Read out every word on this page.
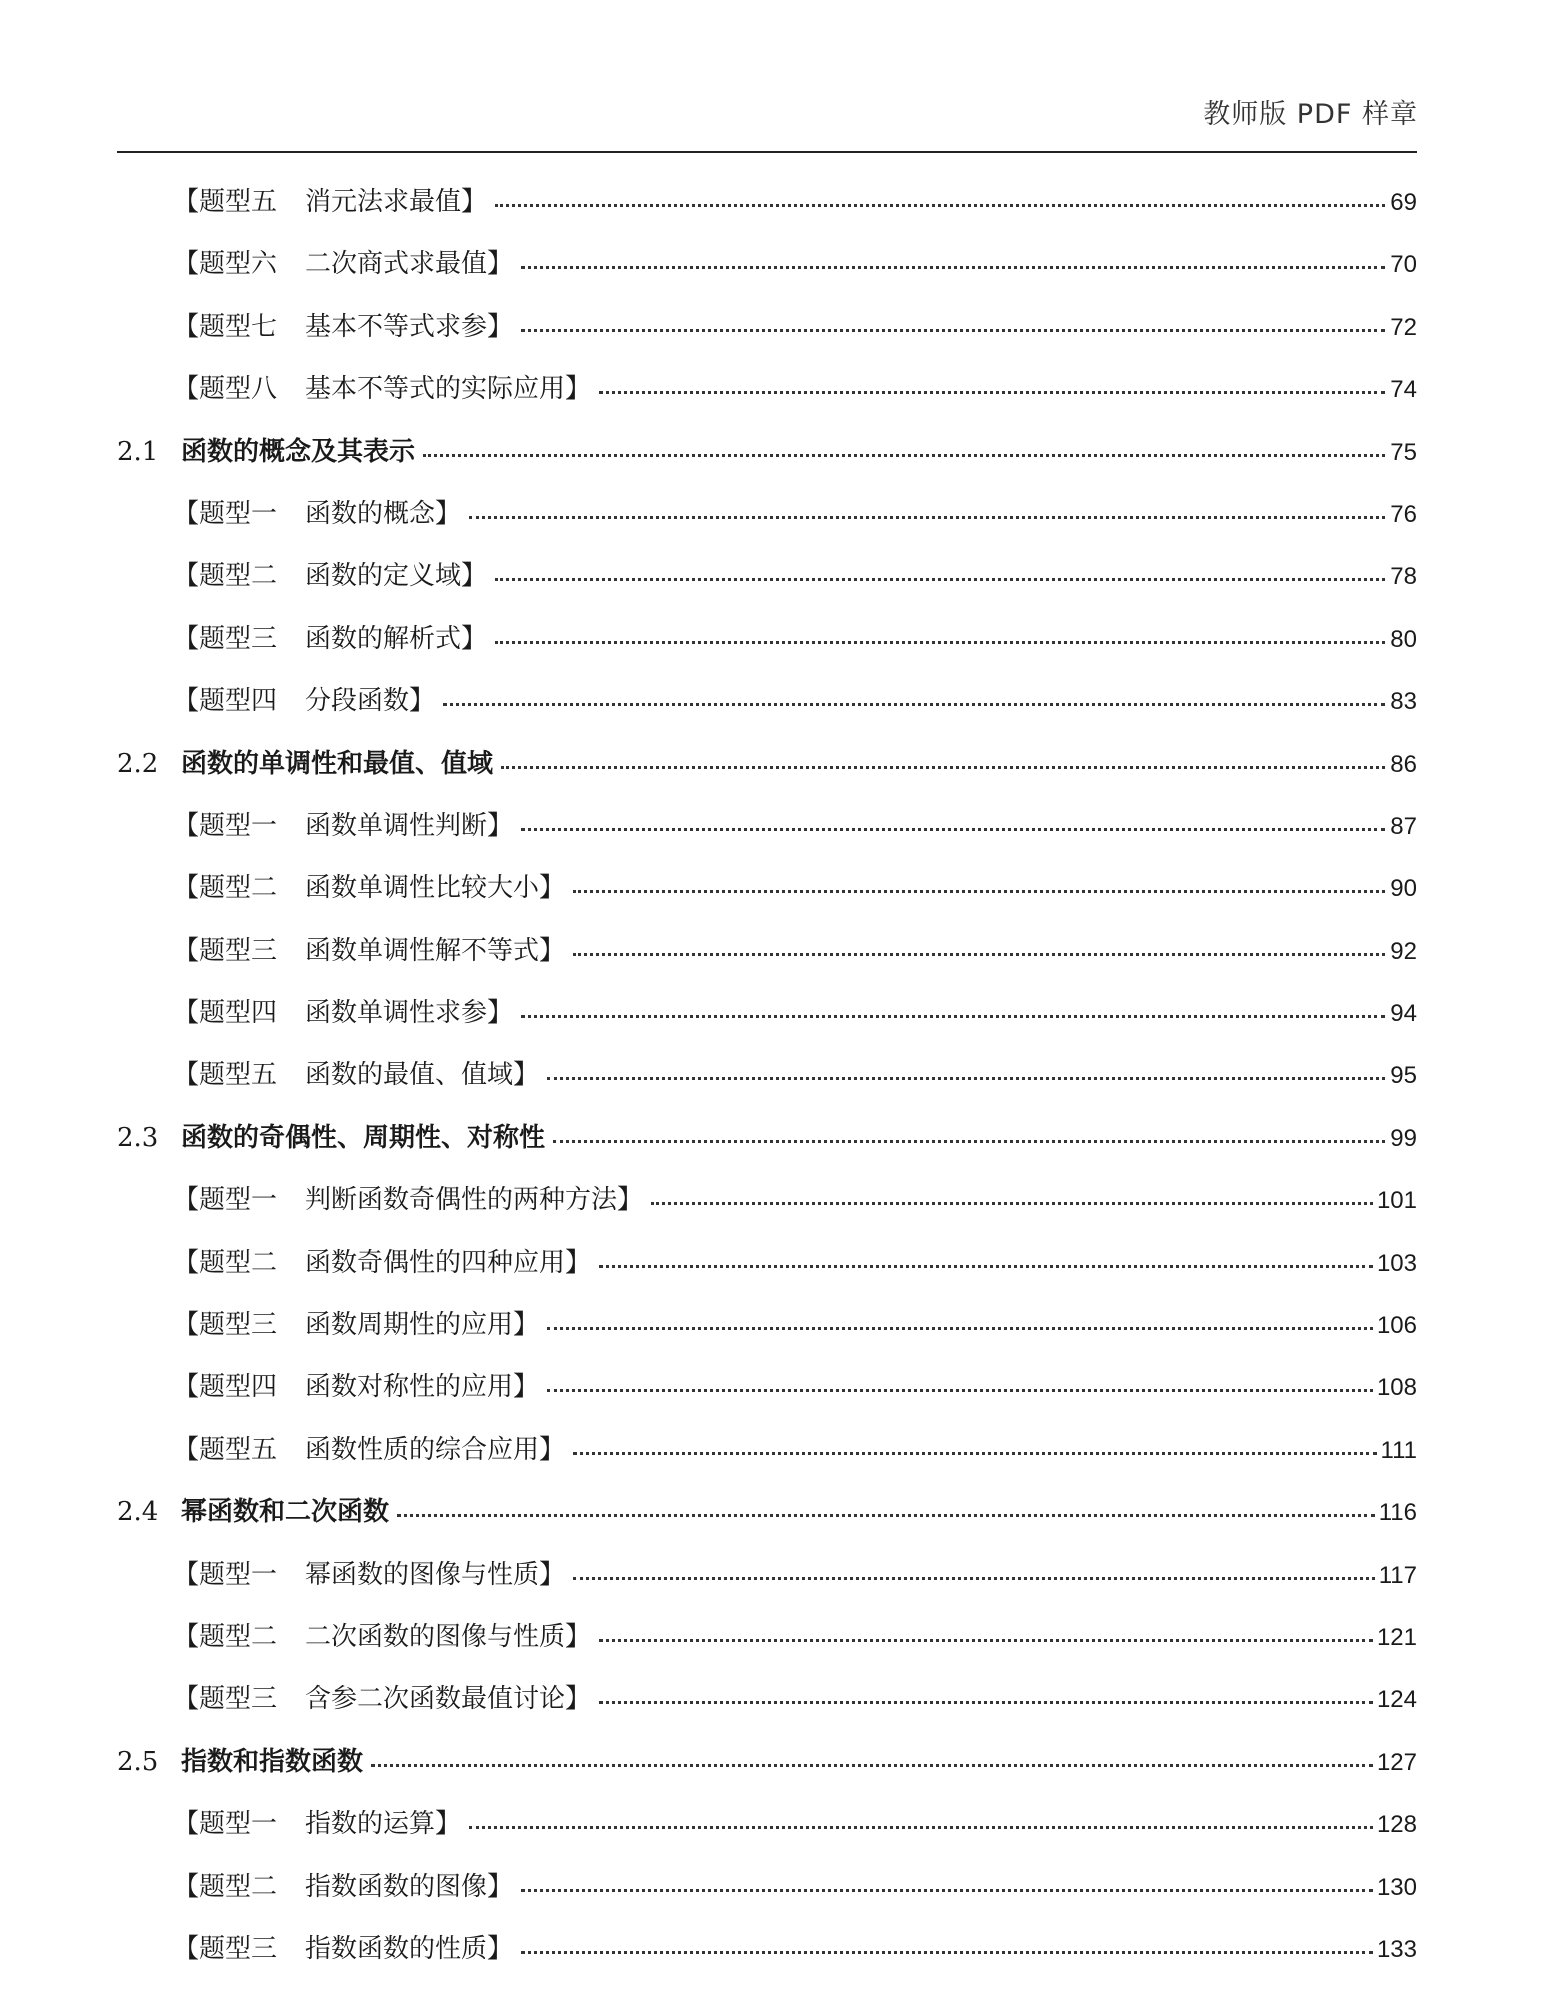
教师版 PDF 样章
【 题型五 消元法求最值 】	69
【 题型六 二次商式求最值 】	70
【 题型七 基本不等式求参 】	72
【 题型八 基本不等式的实际应用 】	74
2.1 函数的概念及其表示	75
【 题型一 函数的概念 】	76
【 题型二 函数的定义域 】	78
【 题型三 函数的解析式 】	80
【 题型四 分段函数 】	83
2.2 函数的单调性和最值、值域	86
【 题型一 函数单调性判断 】	87
【 题型二 函数单调性比较大小 】	90
【 题型三 函数单调性解不等式 】	92
【 题型四 函数单调性求参 】	94
【 题型五 函数的最值、值域 】	95
2.3 函数的奇偶性、周期性、对称性	99
【 题型一 判断函数奇偶性的两种方法 】	101
【 题型二 函数奇偶性的四种应用 】	103
【 题型三 函数周期性的应用 】	106
【 题型四 函数对称性的应用 】	108
【 题型五 函数性质的综合应用 】	111
2.4 幂函数和二次函数	116
【 题型一 幂函数的图像与性质 】	117
【 题型二 二次函数的图像与性质 】	121
【 题型三 含参二次函数最值讨论 】	124
2.5 指数和指数函数	127
【 题型一 指数的运算 】	128
【 题型二 指数函数的图像 】	130
【 题型三 指数函数的性质 】	133
